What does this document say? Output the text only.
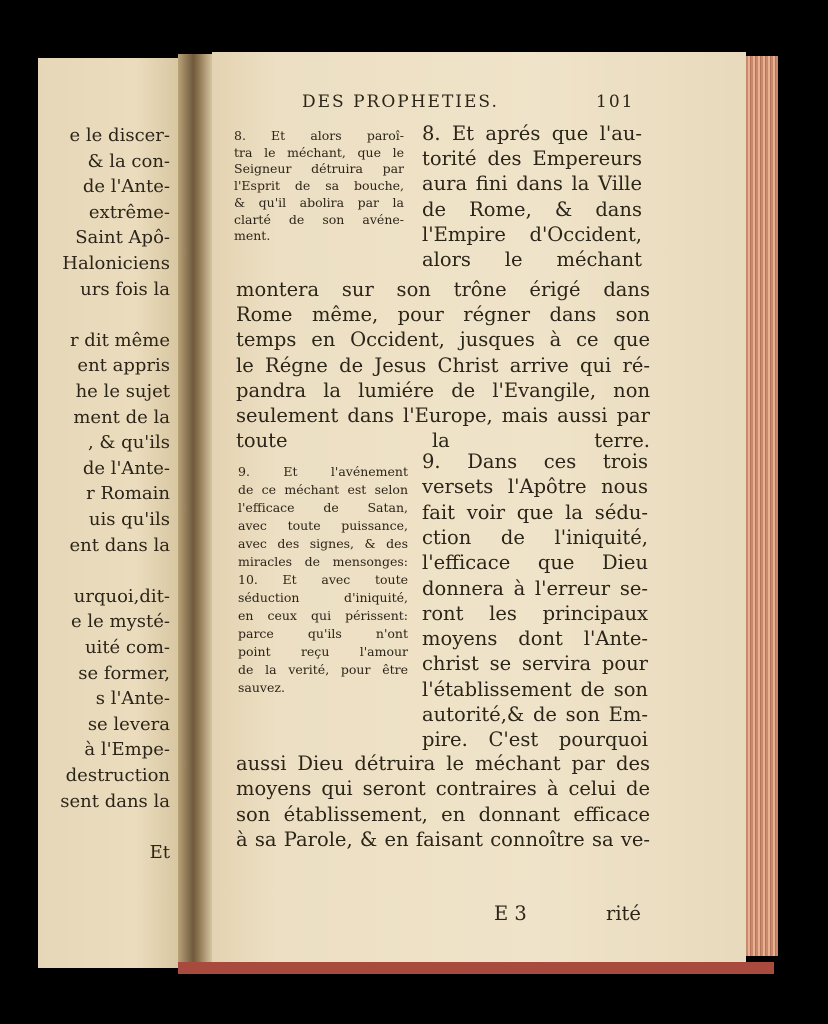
e le discer-
& la con-
de l'Ante-
extrême-
Saint Apô-
Haloniciens
urs fois la
r dit même
ent appris
he le sujet
ment de la
, & qu'ils
de l'Ante-
r Romain
uis qu'ils
ent dans la
urquoi,dit-
e le mysté-
uité com-
se former,
s l'Ante-
se levera
à l'Empe-
destruction
sent dans la
Et
DES PROPHETIES.	101
8. Et alors paroî-
tra le méchant, que le
Seigneur détruira par
l'Esprit de sa bouche,
& qu'il abolira par la
clarté de son avéne-
ment.
8. Et aprés que l'au-
torité des Empereurs
aura fini dans la Ville
de Rome, & dans
l'Empire d'Occident,
alors le méchant
montera sur son trône érigé dans
Rome même, pour régner dans son
temps en Occident, jusques à ce que
le Régne de Jesus Christ arrive qui ré-
pandra la lumiére de l'Evangile, non
seulement dans l'Europe, mais aussi par
toute la terre.
9. Et l'avénement
de ce méchant est selon
l'efficace de Satan,
avec toute puissance,
avec des signes, & des
miracles de mensonges:
10. Et avec toute
séduction d'iniquité,
en ceux qui périssent:
parce qu'ils n'ont
point reçu l'amour
de la verité, pour être
sauvez.
9. Dans ces trois
versets l'Apôtre nous
fait voir que la sédu-
ction de l'iniquité,
l'efficace que Dieu
donnera à l'erreur se-
ront les principaux
moyens dont l'Ante-
christ se servira pour
l'établissement de son
autorité,& de son Em-
pire. C'est pourquoi
aussi Dieu détruira le méchant par des
moyens qui seront contraires à celui de
son établissement, en donnant efficace
à sa Parole, & en faisant connoître sa ve-
E 3	rité
